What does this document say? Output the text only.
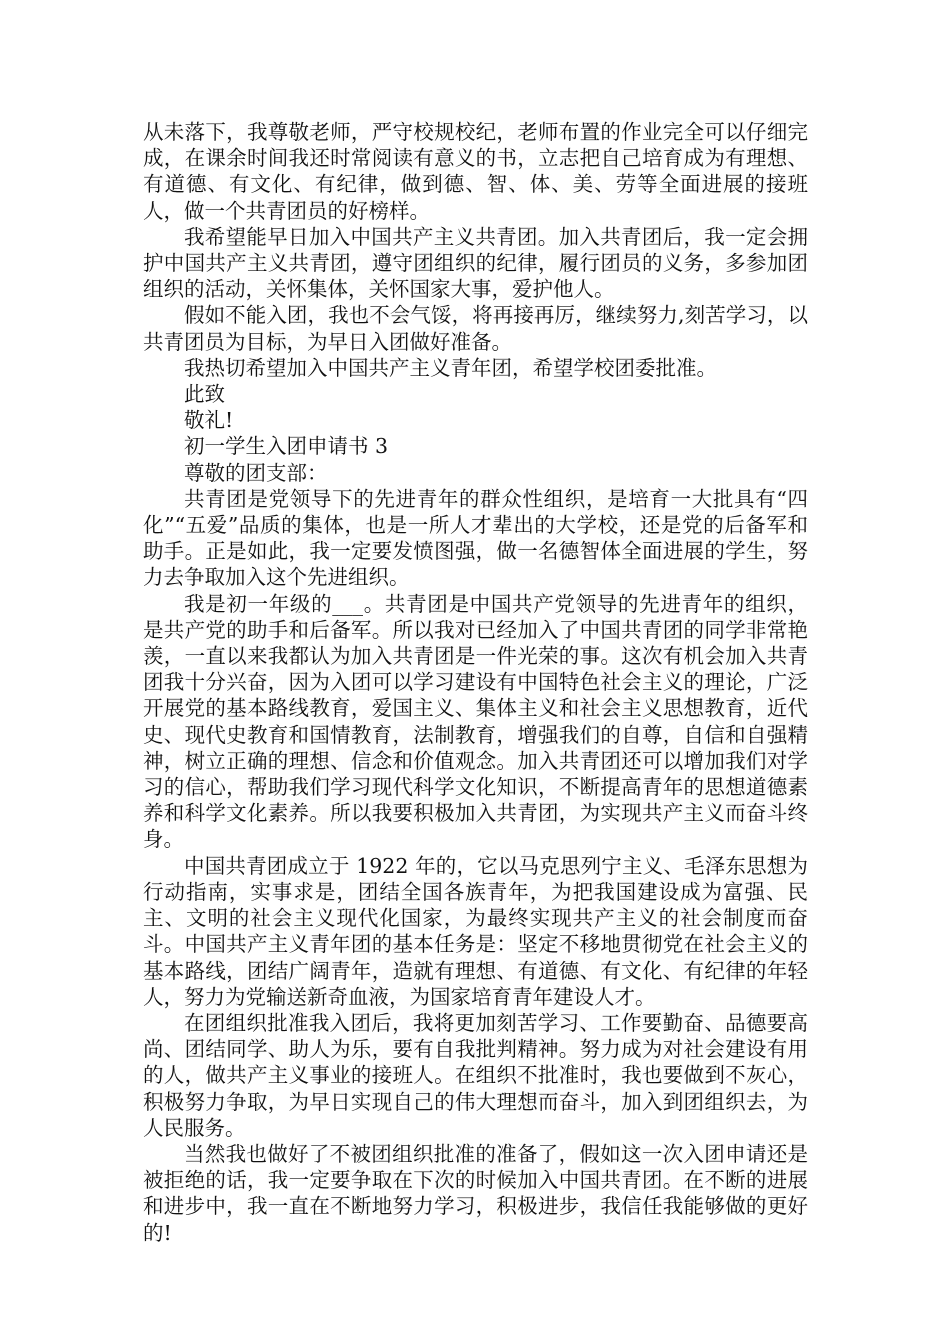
从未落下，我尊敬老师，严守校规校纪，老师布置的作业完全可以仔细完成，在课余时间我还时常阅读有意义的书，立志把自己培育成为有理想、有道德、有文化、有纪律，做到德、智、体、美、劳等全面进展的接班人，做一个共青团员的好榜样。

我希望能早日加入中国共产主义共青团。加入共青团后，我一定会拥护中国共产主义共青团，遵守团组织的纪律，履行团员的义务，多参加团组织的活动，关怀集体，关怀国家大事，爱护他人。

假如不能入团，我也不会气馁，将再接再厉，继续努力,刻苦学习，以共青团员为目标，为早日入团做好准备。

我热切希望加入中国共产主义青年团，希望学校团委批准。

此致

敬礼!

初一学生入团申请书 3

尊敬的团支部：

共青团是党领导下的先进青年的群众性组织，是培育一大批具有“四化”“五爱”品质的集体，也是一所人才辈出的大学校，还是党的后备军和助手。正是如此，我一定要发愤图强，做一名德智体全面进展的学生，努力去争取加入这个先进组织。

我是初一年级的___。共青团是中国共产党领导的先进青年的组织，是共产党的助手和后备军。所以我对已经加入了中国共青团的同学非常艳羡，一直以来我都认为加入共青团是一件光荣的事。这次有机会加入共青团我十分兴奋，因为入团可以学习建设有中国特色社会主义的理论，广泛开展党的基本路线教育，爱国主义、集体主义和社会主义思想教育，近代史、现代史教育和国情教育，法制教育，增强我们的自尊，自信和自强精神，树立正确的理想、信念和价值观念。加入共青团还可以增加我们对学习的信心，帮助我们学习现代科学文化知识，不断提高青年的思想道德素养和科学文化素养。所以我要积极加入共青团，为实现共产主义而奋斗终身。

中国共青团成立于 1922 年的，它以马克思列宁主义、毛泽东思想为行动指南，实事求是，团结全国各族青年，为把我国建设成为富强、民主、文明的社会主义现代化国家，为最终实现共产主义的社会制度而奋斗。中国共产主义青年团的基本任务是：坚定不移地贯彻党在社会主义的基本路线，团结广阔青年，造就有理想、有道德、有文化、有纪律的年轻人，努力为党输送新奇血液，为国家培育青年建设人才。

在团组织批准我入团后，我将更加刻苦学习、工作要勤奋、品德要高尚、团结同学、助人为乐，要有自我批判精神。努力成为对社会建设有用的人，做共产主义事业的接班人。在组织不批准时，我也要做到不灰心，积极努力争取，为早日实现自己的伟大理想而奋斗，加入到团组织去，为人民服务。

当然我也做好了不被团组织批准的准备了，假如这一次入团申请还是被拒绝的话，我一定要争取在下次的时候加入中国共青团。在不断的进展和进步中，我一直在不断地努力学习，积极进步，我信任我能够做的更好的!
